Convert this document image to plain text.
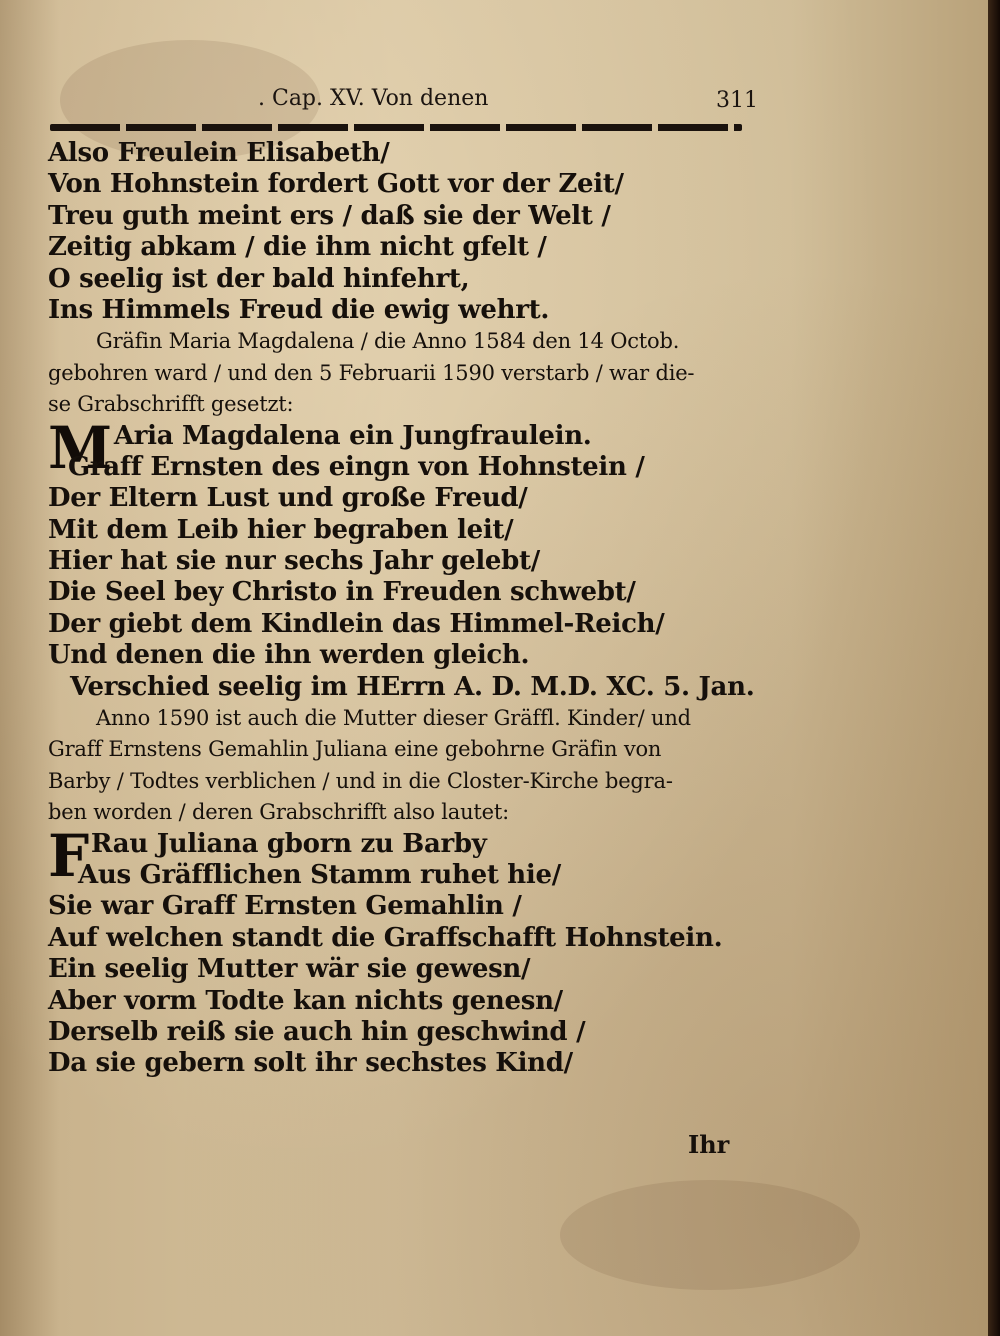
. Cap. XV. Von denen	311
Also Freulein Elisabeth/
Von Hohnstein fordert Gott vor der Zeit/
Treu guth meint ers / daß sie der Welt /
Zeitig abkam / die ihm nicht gfelt /
O seelig ist der bald hinfehrt,
Ins Himmels Freud die ewig wehrt.
Gräfin Maria Magdalena / die Anno 1584 den 14 Octob.
gebohren ward / und den 5 Februarii 1590 verstarb / war die-
se Grabschrifft gesetzt:
MAria Magdalena ein Jungfraulein.
Graff Ernsten des eingn von Hohnstein /
Der Eltern Lust und große Freud/
Mit dem Leib hier begraben leit/
Hier hat sie nur sechs Jahr gelebt/
Die Seel bey Christo in Freuden schwebt/
Der giebt dem Kindlein das Himmel-Reich/
Und denen die ihn werden gleich.
Verschied seelig im HErrn A. D. M.D. XC. 5. Jan.
Anno 1590 ist auch die Mutter dieser Gräffl. Kinder/ und
Graff Ernstens Gemahlin Juliana eine gebohrne Gräfin von
Barby / Todtes verblichen / und in die Closter-Kirche begra-
ben worden / deren Grabschrifft also lautet:
FRau Juliana gborn zu Barby
Aus Gräfflichen Stamm ruhet hie/
Sie war Graff Ernsten Gemahlin /
Auf welchen standt die Graffschafft Hohnstein.
Ein seelig Mutter wär sie gewesn/
Aber vorm Todte kan nichts genesn/
Derselb reiß sie auch hin geschwind /
Da sie gebern solt ihr sechstes Kind/
Ihr
